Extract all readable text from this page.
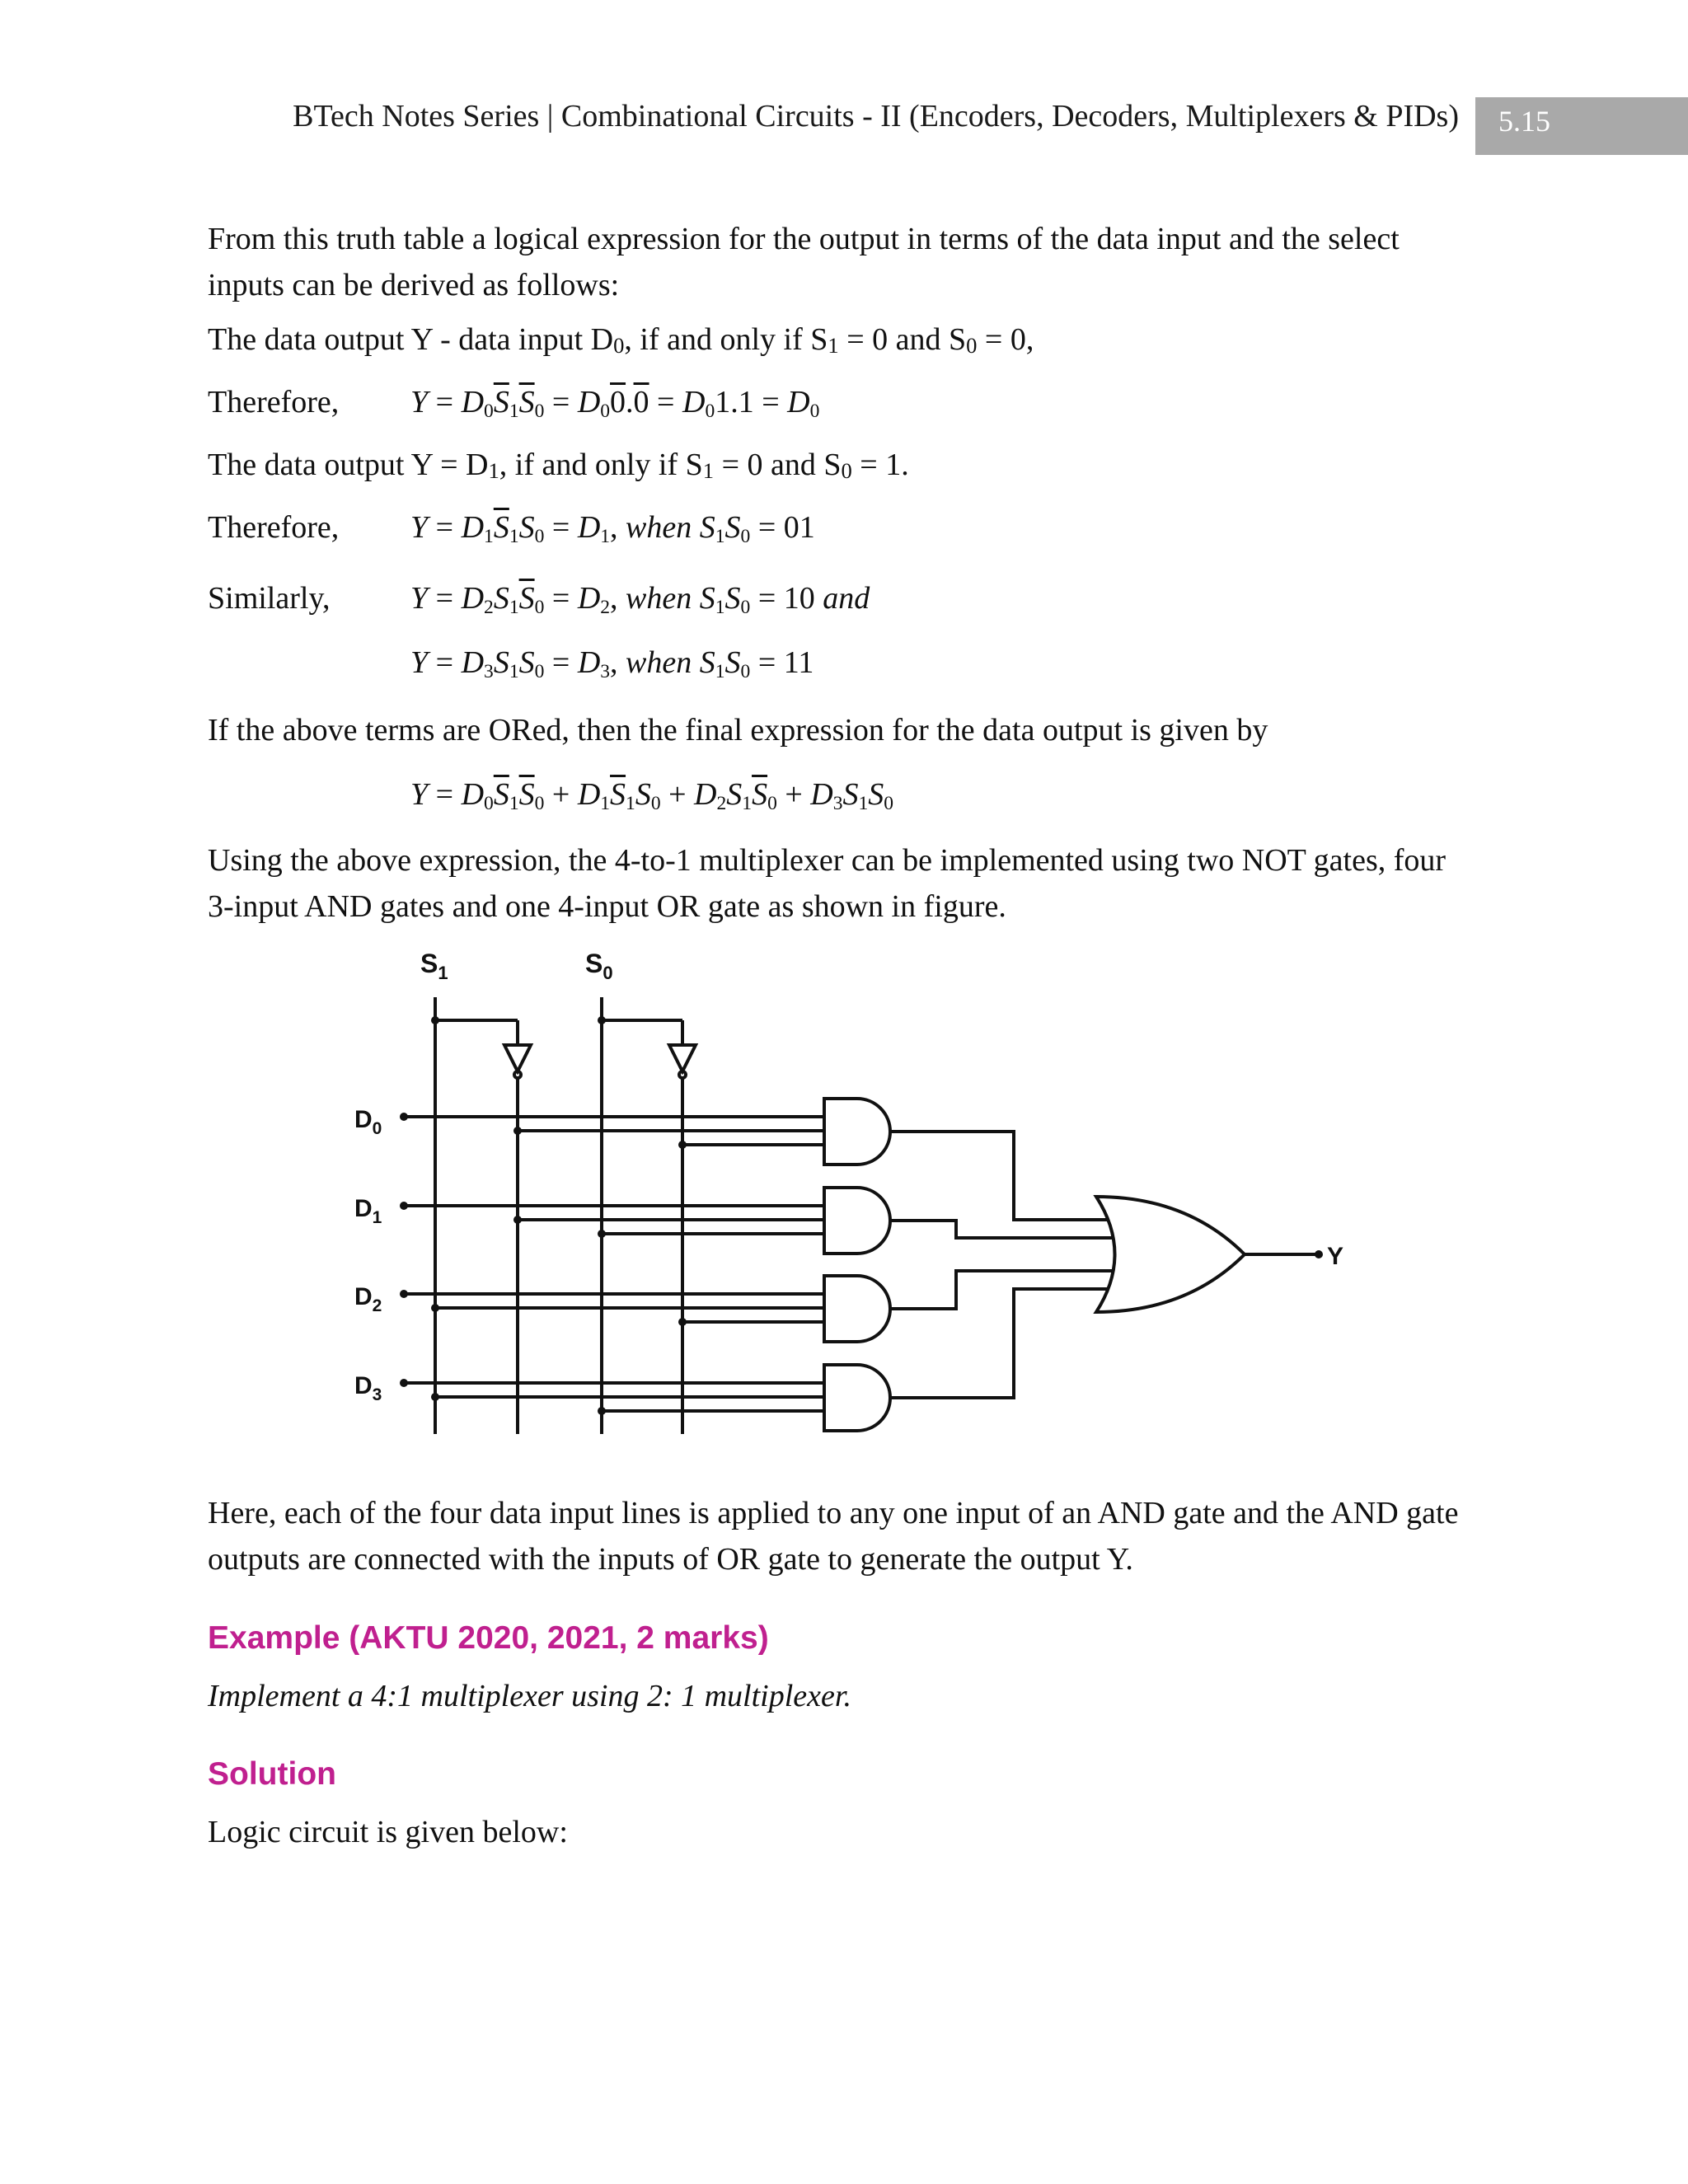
BTech Notes Series | Combinational Circuits - II (Encoders, Decoders, Multiplexers & PIDs)	5.15
From this truth table a logical expression for the output in terms of the data input and the select inputs can be derived as follows:
The data output Y - data input D0, if and only if S1 = 0 and S0 = 0,
Therefore, $Y = D_0\overline{S}_1\overline{S}_0 = D_00.0 = D_01.1 = D_0$
The data output Y = D1, if and only if S1 = 0 and S0 = 1.
Therefore, $Y = D_1\overline{S}_1S_0 = D_1$, when $S_1S_0 = 01$
Similarly,	$Y = D_2S_1\overline{S}_0 = D_2$, when $S_1S_0 = 10$ and
$Y = D_3S_1S_0 = D_3$, when $S_1S_0 = 11$
If the above terms are ORed, then the final expression for the data output is given by
$Y = D_0\overline{S}_1\overline{S}_0 + D_1\overline{S}_1S_0 + D_2S_1\overline{S}_0 + D_3S_1S_0$
Using the above expression, the 4-to-1 multiplexer can be implemented using two NOT gates, four 3-input AND gates and one 4-input OR gate as shown in figure.
$S_1$	$S_0$
$D_0$
$D_1$
$D_2$
$D_3$
Y
Here, each of the four data input lines is applied to any one input of an AND gate and the AND gate outputs are connected with the inputs of OR gate to generate the output Y.
Example (AKTU 2020, 2021, 2 marks)
Implement a 4:1 multiplexer using 2: 1 multiplexer.
Solution
Logic circuit is given below:
